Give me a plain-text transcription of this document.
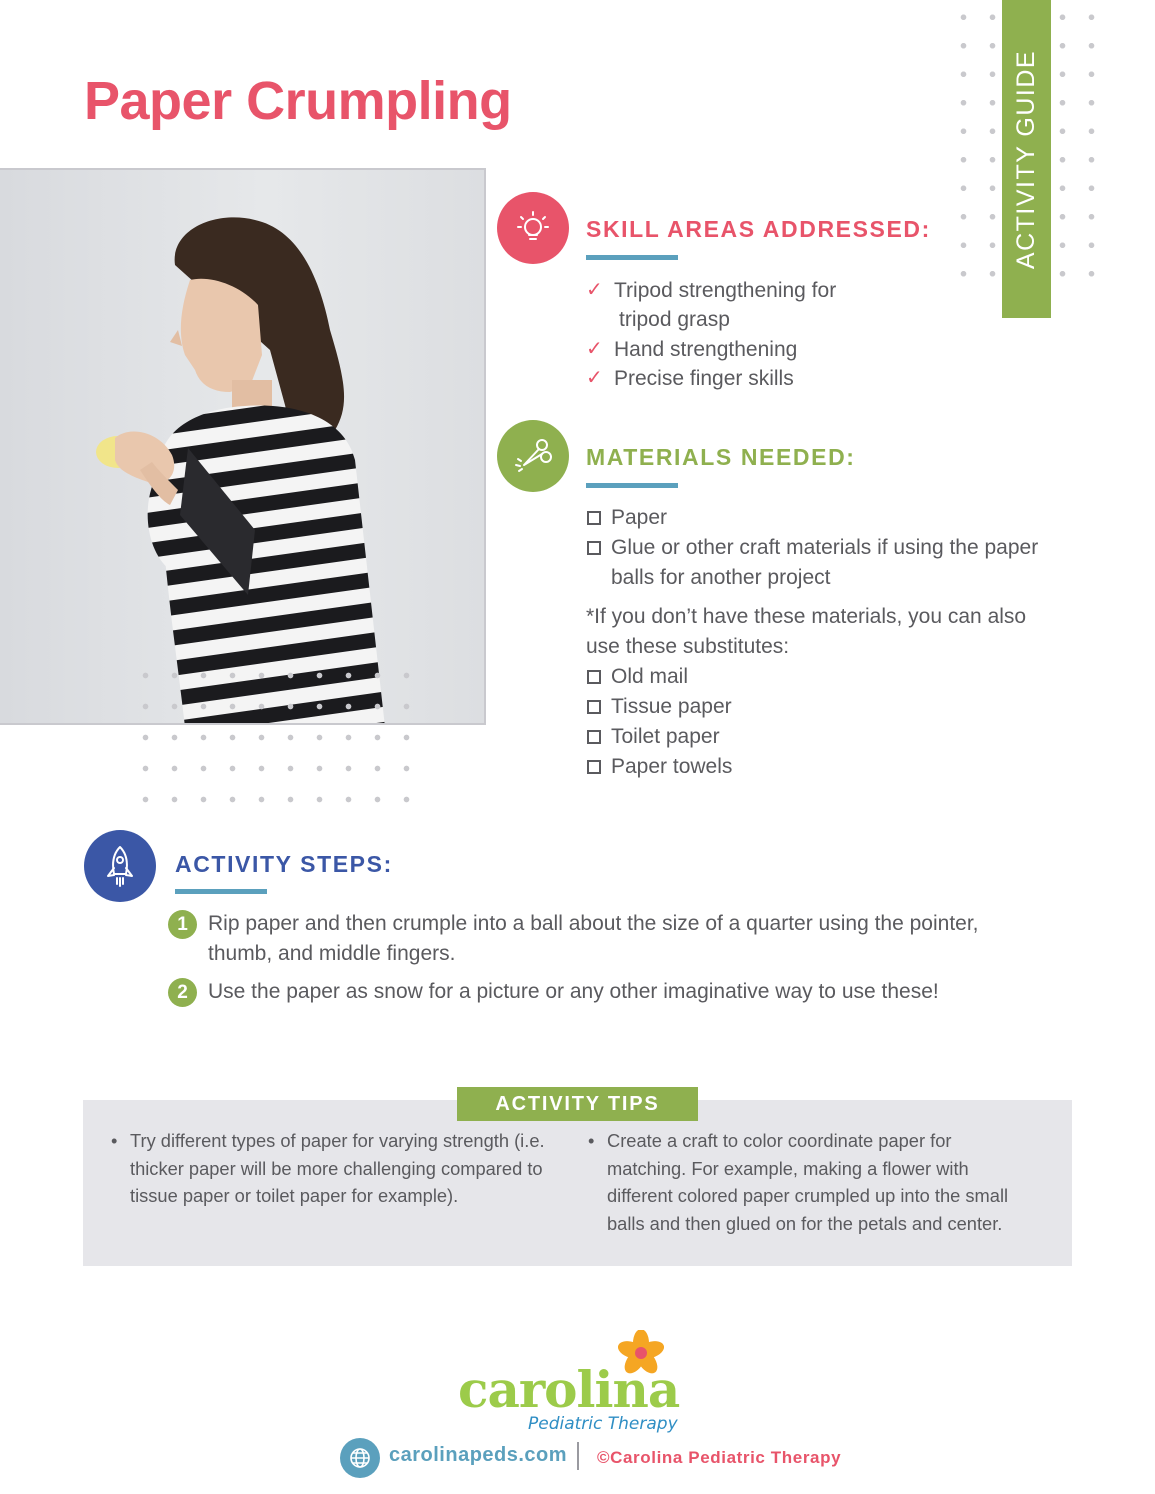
Paper Crumpling	ACTIVITY GUIDE
SKILL AREAS ADDRESSED:
✓ Tripod strengthening for
tripod grasp
✓ Hand strengthening
✓ Precise finger skills
MATERIALS NEEDED:
Paper
Glue or other craft materials if using the paper
balls for another project
*If you don’t have these materials, you can also
use these substitutes:
Old mail
Tissue paper
Toilet paper
Paper towels
ACTIVITY STEPS:
1 Rip paper and then crumple into a ball about the size of a quarter using the pointer,
thumb, and middle fingers.
2 Use the paper as snow for a picture or any other imaginative way to use these!
ACTIVITY TIPS
• Try different types of paper for varying strength (i.e.
thicker paper will be more challenging compared to
tissue paper or toilet paper for example).
• Create a craft to color coordinate paper for
matching. For example, making a flower with
different colored paper crumpled up into the small
balls and then glued on for the petals and center.
carolina
Pediatric Therapy
carolinapeds.com ©Carolina Pediatric Therapy
